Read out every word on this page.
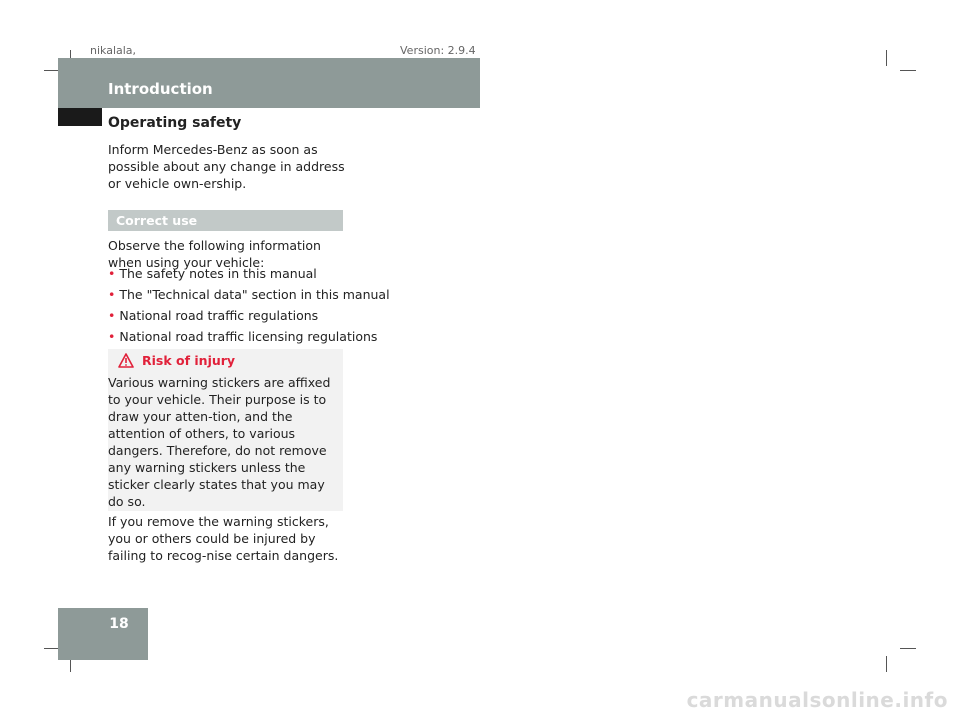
nikalala,	Version: 2.9.4
Introduction
Operating safety
Inform Mercedes-Benz as soon as possible about any change in address or vehicle own-ership.
Correct use
Observe the following information when using your vehicle:
• The safety notes in this manual
• The "Technical data" section in this manual
• National road traffic regulations
• National road traffic licensing regulations
Risk of injury

Various warning stickers are affixed to your vehicle. Their purpose is to draw your atten-tion, and the attention of others, to various dangers. Therefore, do not remove any warning stickers unless the sticker clearly states that you may do so.

If you remove the warning stickers, you or others could be injured by failing to recog-nise certain dangers.

18
carmanualsonline.info
